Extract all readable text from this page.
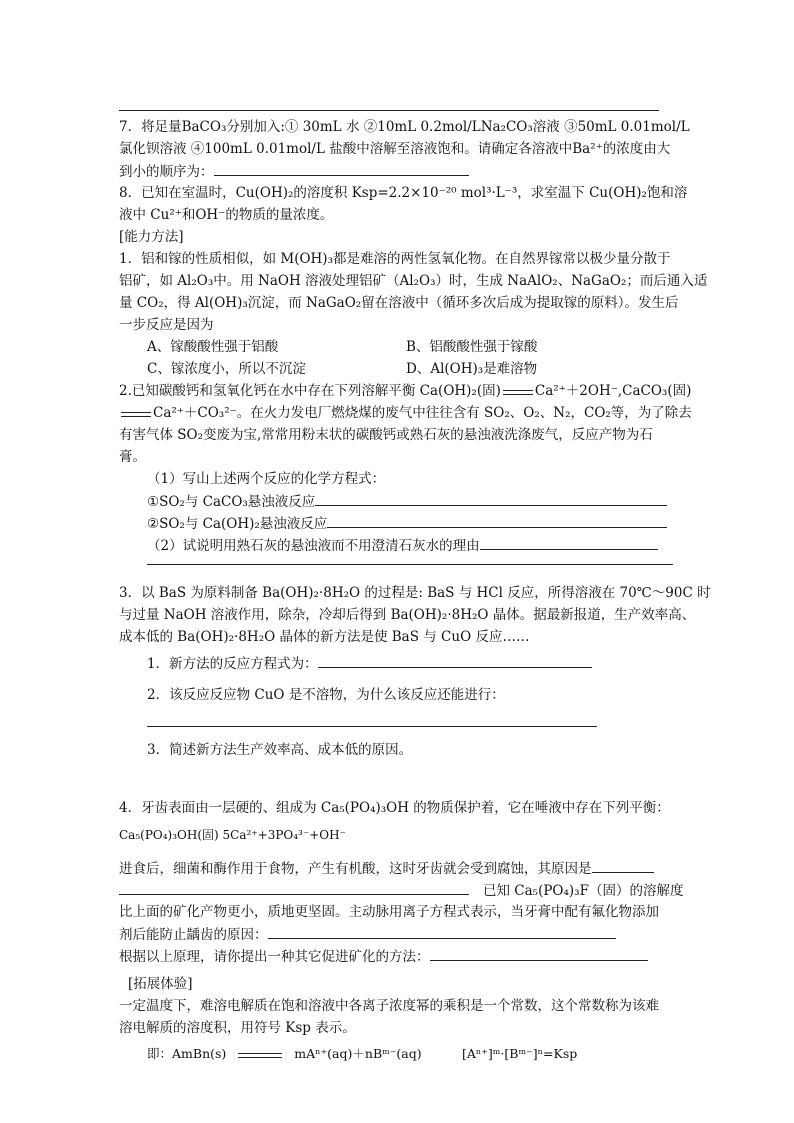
7．将足量BaCO₃分别加入:① 30mL 水 ②10mL 0.2mol/LNa₂CO₃溶液 ③50mL 0.01mol/L
氯化钡溶液 ④100mL 0.01mol/L 盐酸中溶解至溶液饱和。请确定各溶液中Ba²⁺的浓度由大
到小的顺序为：
8．已知在室温时，Cu(OH)₂的溶度积 Ksp=2.2×10⁻²⁰ mol³·L⁻³，求室温下 Cu(OH)₂饱和溶
液中 Cu²⁺和OH⁻的物质的量浓度。
[能力方法]
1．铝和镓的性质相似，如 M(OH)₃都是难溶的两性氢氧化物。在自然界镓常以极少量分散于
铝矿，如 Al₂O₃中。用 NaOH 溶液处理铝矿（Al₂O₃）时，生成 NaAlO₂、NaGaO₂；而后通入适
量 CO₂，得 Al(OH)₃沉淀，而 NaGaO₂留在溶液中（循环多次后成为提取镓的原料）。发生后
一步反应是因为
A、镓酸酸性强于铝酸	B、铝酸酸性强于镓酸
C、镓浓度小，所以不沉淀	D、Al(OH)₃是难溶物
2.已知碳酸钙和氢氧化钙在水中存在下列溶解平衡 Ca(OH)₂(固)	Ca²⁺＋2OH⁻,CaCO₃(固)
Ca²⁺＋CO₃²⁻。在火力发电厂燃烧煤的废气中往往含有 SO₂、O₂、N₂，CO₂等，为了除去
有害气体 SO₂变废为宝,常常用粉末状的碳酸钙或熟石灰的悬浊液洗涤废气，反应产物为石
膏。
（1）写山上述两个反应的化学方程式：
①SO₂与 CaCO₃悬浊液反应
②SO₂与 Ca(OH)₂悬浊液反应
（2）试说明用熟石灰的悬浊液而不用澄清石灰水的理由
3．以 BaS 为原料制备 Ba(OH)₂·8H₂O 的过程是: BaS 与 HCl 反应，所得溶液在 70℃～90C 时
与过量 NaOH 溶液作用，除杂，冷却后得到 Ba(OH)₂·8H₂O 晶体。据最新报道，生产效率高、
成本低的 Ba(OH)₂·8H₂O 晶体的新方法是使 BaS 与 CuO 反应……
1．新方法的反应方程式为：
2．该反应反应物 CuO 是不溶物，为什么该反应还能进行：
3．简述新方法生产效率高、成本低的原因。
4．牙齿表面由一层硬的、组成为 Ca₅(PO₄)₃OH 的物质保护着，它在唾液中存在下列平衡：
Ca₅(PO₄)₃OH(固) 5Ca²⁺+3PO₄³⁻+OH⁻
进食后，细菌和酶作用于食物，产生有机酸，这时牙齿就会受到腐蚀，其原因是
已知 Ca₅(PO₄)₃F（固）的溶解度
比上面的矿化产物更小，质地更坚固。主动脉用离子方程式表示，当牙膏中配有氟化物添加
剂后能防止龋齿的原因：
根据以上原理，请你提出一种其它促进矿化的方法：
[拓展体验]
一定温度下，难溶电解质在饱和溶液中各离子浓度幂的乘积是一个常数，这个常数称为该难
溶电解质的溶度积，用符号 Ksp 表示。
即：AmBn(s)	mAⁿ⁺(aq)＋nBᵐ⁻(aq)	[Aⁿ⁺]ᵐ·[Bᵐ⁻]ⁿ=Ksp
